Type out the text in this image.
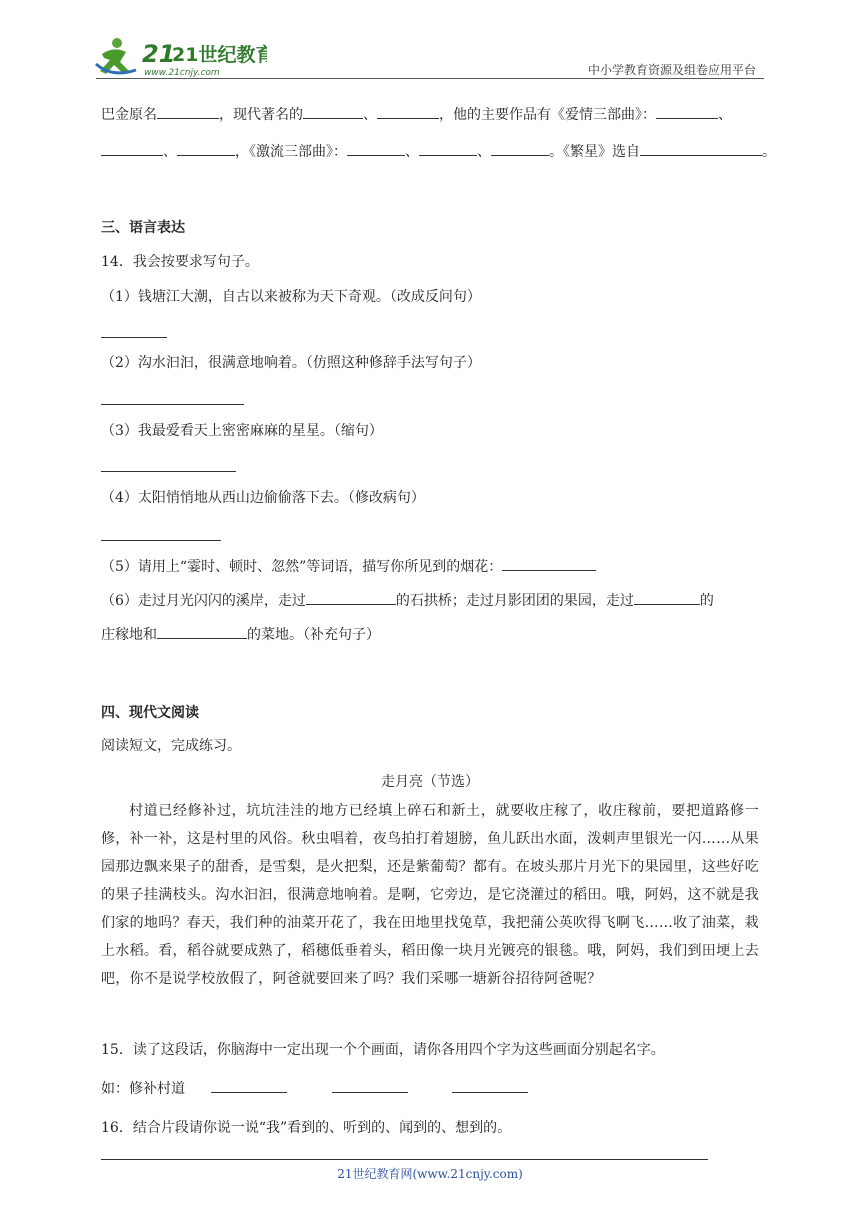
21
21世纪教育
www.21cnjy.com	中小学教育资源及组卷应用平台
巴金原名	，现代著名的	、	，他的主要作品有《爱情三部曲》：	、
、	，《激流三部曲》：	、	、	。《繁星》选自	。
三、语言表达
14．我会按要求写句子。
（1）钱塘江大潮，自古以来被称为天下奇观。（改成反问句）
（2）沟水汩汩，很满意地响着。（仿照这种修辞手法写句子）
（3）我最爱看天上密密麻麻的星星。（缩句）
（4）太阳悄悄地从西山边偷偷落下去。（修改病句）
（5）请用上“霎时、顿时、忽然”等词语，描写你所见到的烟花：
（6）走过月光闪闪的溪岸，走过	的石拱桥；走过月影团团的果园，走过	的
庄稼地和	的菜地。（补充句子）
四、现代文阅读
阅读短文，完成练习。
走月亮（节选）
村道已经修补过，坑坑洼洼的地方已经填上碎石和新土，就要收庄稼了，收庄稼前，要把道路修一修，补一补，这是村里的风俗。秋虫唱着，夜鸟拍打着翅膀，鱼儿跃出水面，泼刺声里银光一闪……从果园那边飘来果子的甜香，是雪梨，是火把梨，还是紫葡萄？都有。在坡头那片月光下的果园里，这些好吃的果子挂满枝头。沟水汩汩，很满意地响着。是啊，它旁边，是它浇灌过的稻田。哦，阿妈，这不就是我们家的地吗？春天，我们种的油菜开花了，我在田地里找兔草，我把蒲公英吹得飞啊飞……收了油菜，栽上水稻。看，稻谷就要成熟了，稻穗低垂着头，稻田像一块月光镀亮的银毯。哦，阿妈，我们到田埂上去吧，你不是说学校放假了，阿爸就要回来了吗？我们采哪一塘新谷招待阿爸呢？
15．读了这段话，你脑海中一定出现一个个画面，请你各用四个字为这些画面分别起名字。
如：修补村道
16．结合片段请你说一说“我”看到的、听到的、闻到的、想到的。
21世纪教育网(www.21cnjy.com)
